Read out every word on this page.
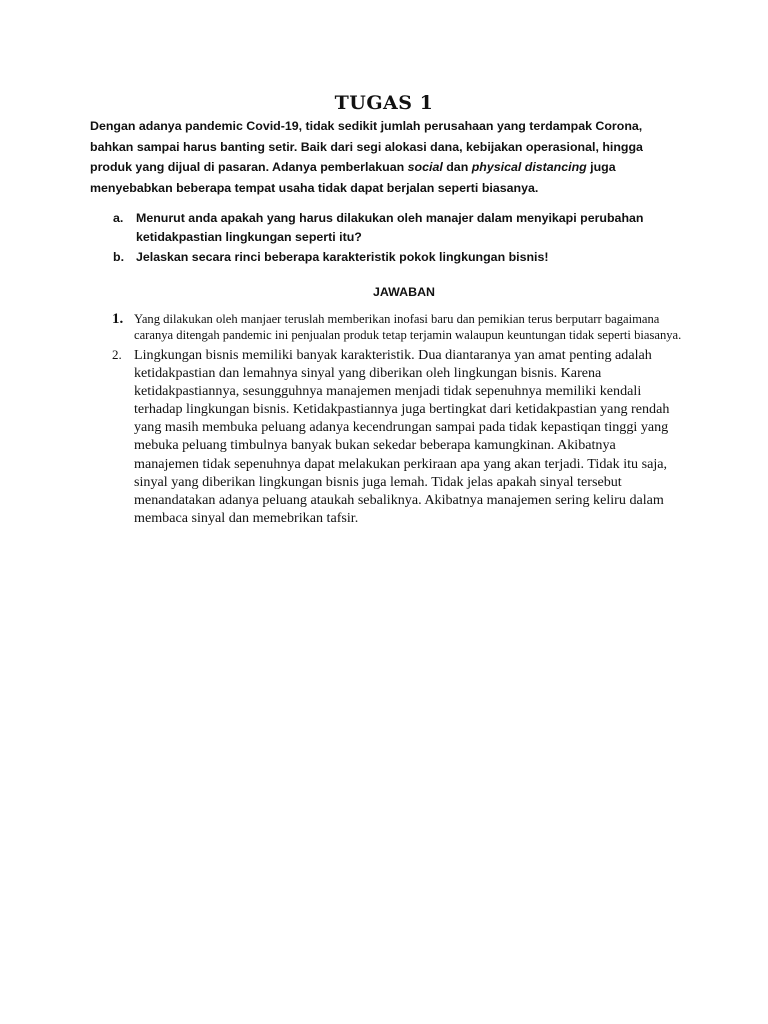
TUGAS 1

Dengan adanya pandemic Covid-19, tidak sedikit jumlah perusahaan yang terdampak Corona, bahkan sampai harus banting setir. Baik dari segi alokasi dana, kebijakan operasional, hingga produk yang dijual di pasaran. Adanya pemberlakuan social dan physical distancing juga menyebabkan beberapa tempat usaha tidak dapat berjalan seperti biasanya.

a.	Menurut anda apakah yang harus dilakukan oleh manajer dalam menyikapi perubahan ketidakpastian lingkungan seperti itu?
b. Jelaskan secara rinci beberapa karakteristik pokok lingkungan bisnis!
JAWABAN
1. Yang dilakukan oleh manjaer teruslah memberikan inofasi baru dan pemikian terus berputarr bagaimana caranya ditengah pandemic ini penjualan produk tetap terjamin walaupun keuntungan tidak seperti biasanya.
2. Lingkungan bisnis memiliki banyak karakteristik. Dua diantaranya yan amat penting adalah ketidakpastian dan lemahnya sinyal yang diberikan oleh lingkungan bisnis. Karena ketidakpastiannya, sesungguhnya manajemen menjadi tidak sepenuhnya memiliki kendali terhadap lingkungan bisnis. Ketidakpastiannya juga bertingkat dari ketidakpastian yang rendah yang masih membuka peluang adanya kecendrungan sampai pada tidak kepastiqan tinggi yang mebuka peluang timbulnya banyak bukan sekedar beberapa kamungkinan. Akibatnya manajemen tidak sepenuhnya dapat melakukan perkiraan apa yang akan terjadi. Tidak itu saja, sinyal yang diberikan lingkungan bisnis juga lemah. Tidak jelas apakah sinyal tersebut menandatakan adanya peluang ataukah sebaliknya. Akibatnya manajemen sering keliru dalam membaca sinyal dan memebrikan tafsir.
